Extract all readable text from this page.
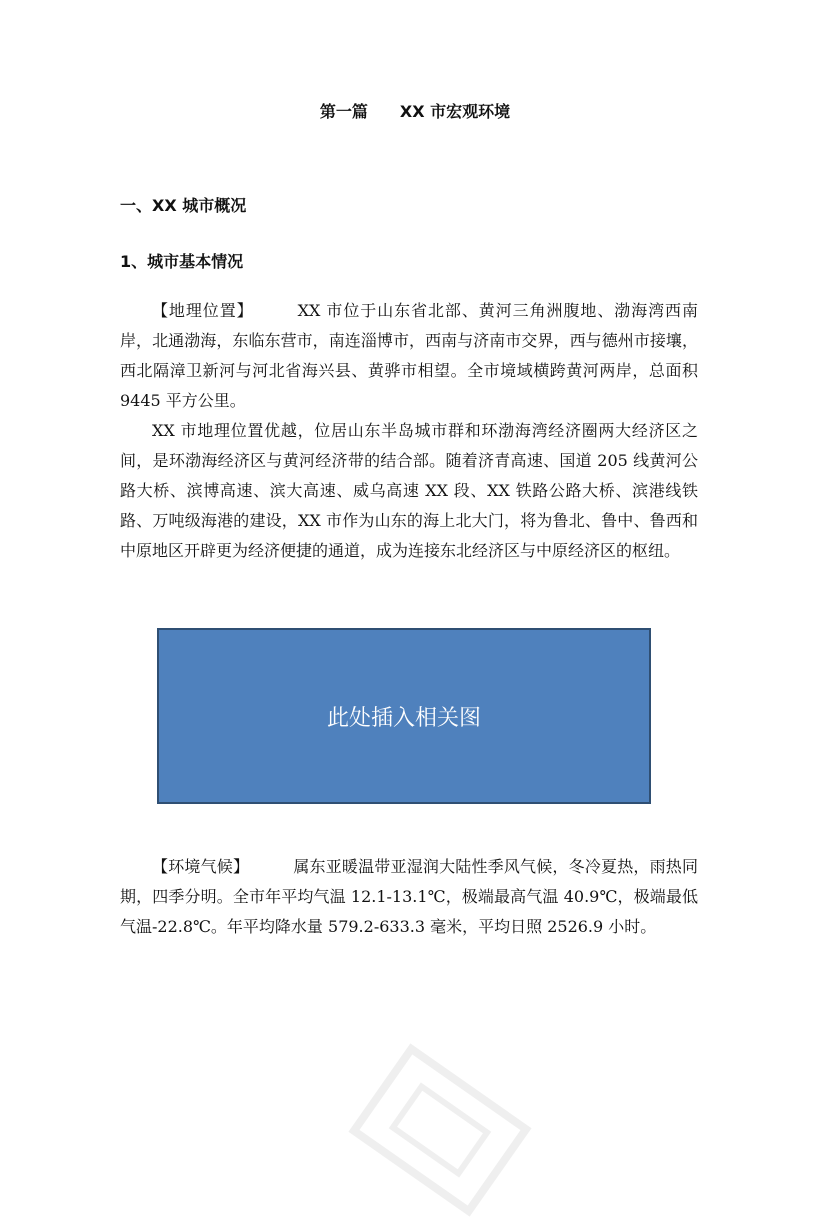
第一篇　　XX 市宏观环境
一、XX 城市概况
1、城市基本情况

【地理位置】	XX 市位于山东省北部、黄河三角洲腹地、渤海湾西南岸，北通渤海，东临东营市，南连淄博市，西南与济南市交界，西与德州市接壤，西北隔漳卫新河与河北省海兴县、黄骅市相望。全市境域横跨黄河两岸，总面积 9445 平方公里。

XX 市地理位置优越，位居山东半岛城市群和环渤海湾经济圈两大经济区之间，是环渤海经济区与黄河经济带的结合部。随着济青高速、国道 205 线黄河公路大桥、滨博高速、滨大高速、威乌高速 XX 段、XX 铁路公路大桥、滨港线铁路、万吨级海港的建设，XX 市作为山东的海上北大门，将为鲁北、鲁中、鲁西和中原地区开辟更为经济便捷的通道，成为连接东北经济区与中原经济区的枢纽。

此处插入相关图

【环境气候】	属东亚暖温带亚湿润大陆性季风气候，冬冷夏热，雨热同期，四季分明。全市年平均气温 12.1-13.1℃，极端最高气温 40.9℃，极端最低气温-22.8℃。年平均降水量 579.2-633.3 毫米，平均日照 2526.9 小时。
